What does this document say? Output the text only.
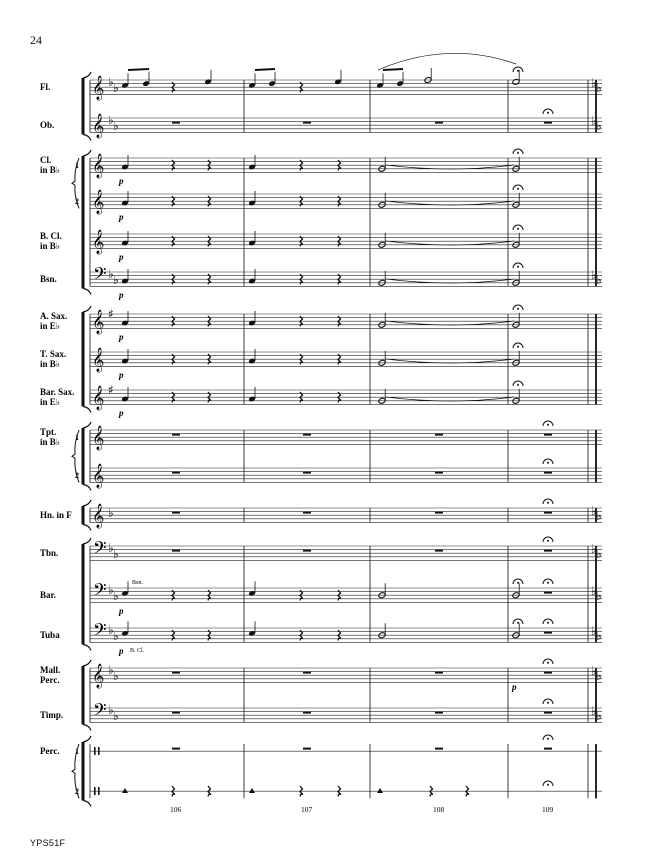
24
𝄞 ♭ ♭	♭ ♭
Fl.
𝄞 ♭ ♭	♭ ♭
Ob.
𝄞
Cl.
in B♭ 1
𝄞
2
𝄞
B. Cl.
in B♭
𝄢 ♭ ♭	♭ ♭
Bsn.
𝄞 ♯
A. Sax.
in E♭
𝄞
T. Sax.
in B♭
𝄞 ♯
Bar. Sax.
in E♭
𝄞
Tpt.
in B♭ 1
𝄞
2
𝄞 ♭	♭ ♭
Hn. in F
𝄢 ♭ ♭	♭ ♭
Tbn.
𝄢 ♭ ♭	♭ ♭
Bar.
𝄢 ♭ ♭	♭ ♭
Tuba
𝄞 ♭ ♭	♭ ♭
Mall.
Perc.
𝄢 ♭ ♭	♭ ♭
Timp.
Perc. 1
2
p
p
p
p
p
p
p
p
p
p
Bsn.
B. Cl.
106	107	108	109
YPS51F
